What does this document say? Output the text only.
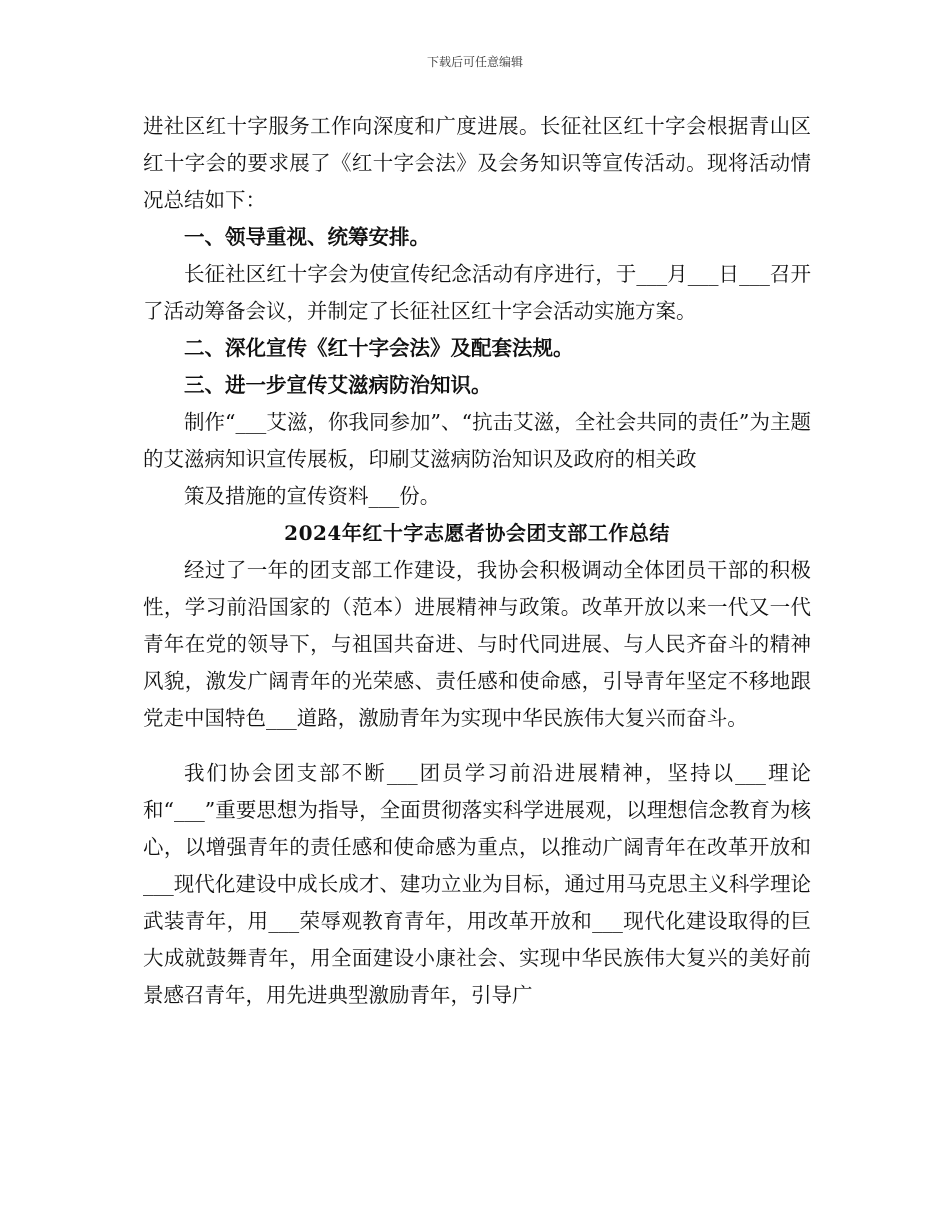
下载后可任意编辑

进社区红十字服务工作向深度和广度进展。长征社区红十字会根据青山区红十字会的要求展了《红十字会法》及会务知识等宣传活动。现将活动情况总结如下：

一、领导重视、统筹安排。

长征社区红十字会为使宣传纪念活动有序进行，于___月___日___召开了活动筹备会议，并制定了长征社区红十字会活动实施方案。

二、深化宣传《红十字会法》及配套法规。

三、进一步宣传艾滋病防治知识。

制作“___艾滋，你我同参加”、“抗击艾滋，全社会共同的责任”为主题的艾滋病知识宣传展板，印刷艾滋病防治知识及政府的相关政

策及措施的宣传资料___份。

2024年红十字志愿者协会团支部工作总结

经过了一年的团支部工作建设，我协会积极调动全体团员干部的积极性，学习前沿国家的（范本）进展精神与政策。改革开放以来一代又一代青年在党的领导下，与祖国共奋进、与时代同进展、与人民齐奋斗的精神风貌，激发广阔青年的光荣感、责任感和使命感，引导青年坚定不移地跟党走中国特色___道路，激励青年为实现中华民族伟大复兴而奋斗。

我们协会团支部不断___团员学习前沿进展精神，坚持以___理论和“___”重要思想为指导，全面贯彻落实科学进展观，以理想信念教育为核心，以增强青年的责任感和使命感为重点，以推动广阔青年在改革开放和___现代化建设中成长成才、建功立业为目标，通过用马克思主义科学理论武装青年，用___荣辱观教育青年，用改革开放和___现代化建设取得的巨大成就鼓舞青年，用全面建设小康社会、实现中华民族伟大复兴的美好前景感召青年，用先进典型激励青年，引导广
